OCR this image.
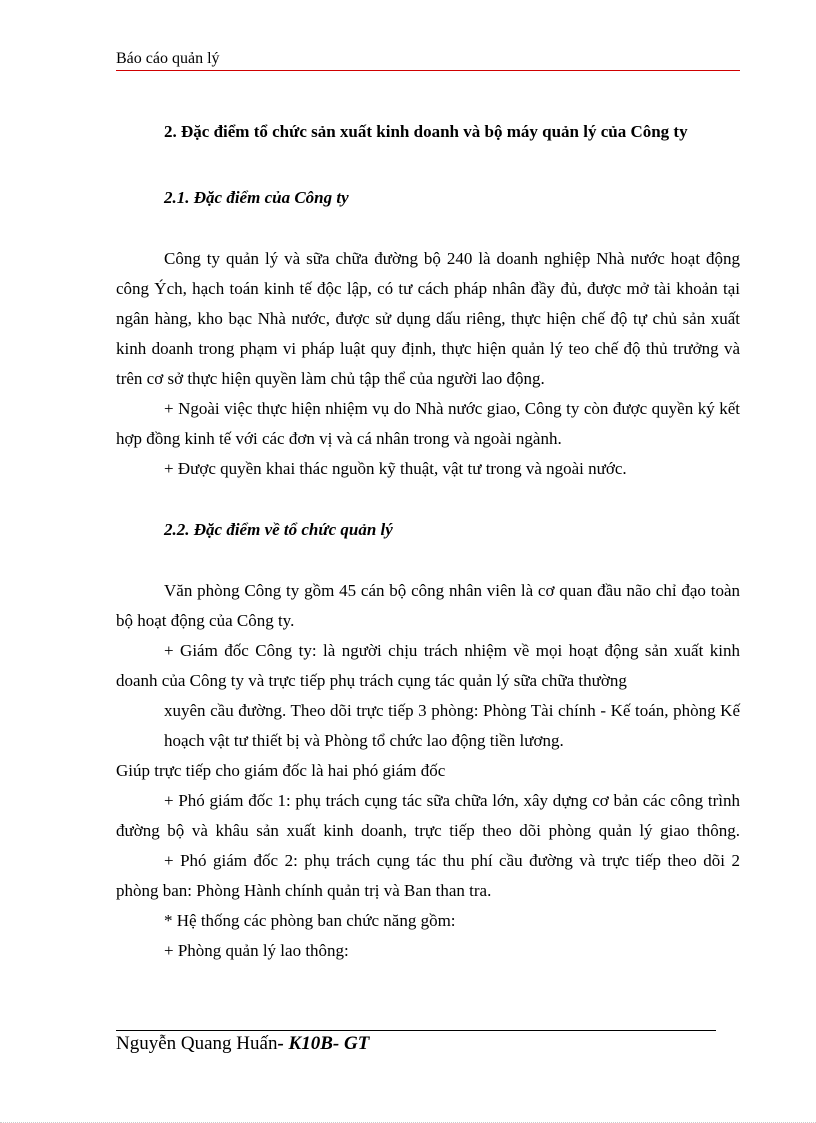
Báo cáo quản lý

2. Đặc điểm tổ chức sản xuất kinh doanh và bộ máy quản lý của Công ty

2.1. Đặc điểm của Công ty

Công ty quản lý và sữa chữa đường bộ 240 là doanh nghiệp Nhà nước hoạt động công Ých, hạch toán kinh tế độc lập, có tư cách pháp nhân đầy đủ, được mở tài khoản tại ngân hàng, kho bạc Nhà nước, được sử dụng dấu riêng, thực hiện chế độ tự chủ sản xuất kinh doanh trong phạm vi pháp luật quy định, thực hiện quản lý teo chế độ thủ trưởng và trên cơ sở thực hiện quyền làm chủ tập thể của người lao động.

+ Ngoài việc thực hiện nhiệm vụ do Nhà nước giao, Công ty còn được quyền ký kết hợp đồng kinh tế với các đơn vị và cá nhân trong và ngoài ngành.

+ Được quyền khai thác nguồn kỹ thuật, vật tư trong và ngoài nước.

2.2. Đặc điểm về tổ chức quản lý

Văn phòng Công ty gồm 45 cán bộ công nhân viên là cơ quan đầu não chỉ đạo toàn bộ hoạt động của Công ty.

+ Giám đốc Công ty: là người chịu trách nhiệm về mọi hoạt động sản xuất kinh doanh của Công ty và trực tiếp phụ trách cụng tác quản lý sữa chữa thường

xuyên cầu đường. Theo dõi trực tiếp 3 phòng: Phòng Tài chính - Kế toán, phòng Kế hoạch vật tư thiết bị và Phòng tổ chức lao động tiền lương.

Giúp trực tiếp cho giám đốc là hai phó giám đốc

+ Phó giám đốc 1: phụ trách cụng tác sữa chữa lớn, xây dựng cơ bản các công trình đường bộ và khâu sản xuất kinh doanh, trực tiếp theo dõi phòng quản lý giao thông.

+ Phó giám đốc 2: phụ trách cụng tác thu phí cầu đường và trực tiếp theo dõi 2 phòng ban: Phòng Hành chính quản trị và Ban than tra.

* Hệ thống các phòng ban chức năng gồm:

+ Phòng quản lý lao thông:

Nguyễn Quang Huấn- K10B- GT
